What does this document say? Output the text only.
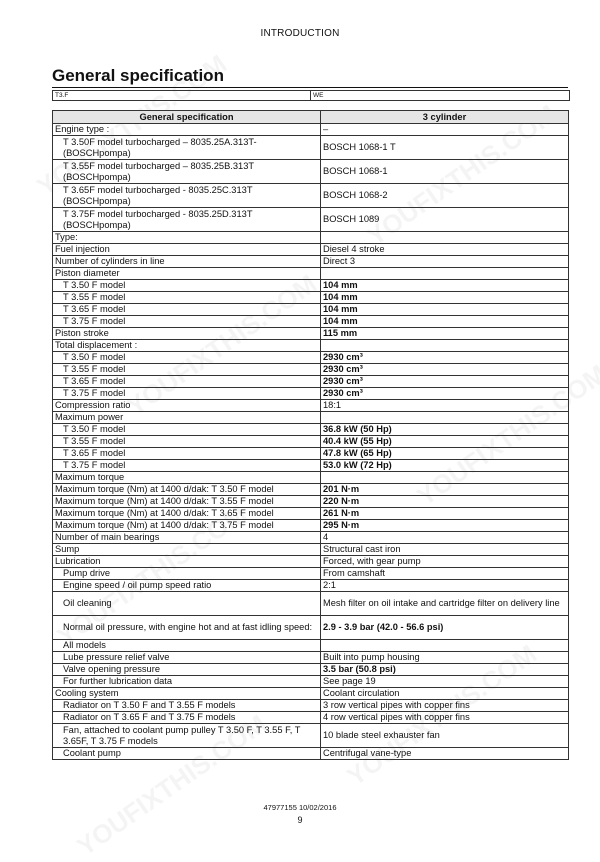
INTRODUCTION
General specification
T3.F	WE
General specification	3 cylinder
Engine type :	–
T 3.50F model turbocharged – 8035.25A.313T-(BOSCHpompa)	BOSCH 1068-1 T
T 3.55F model turbocharged – 8035.25B.313T (BOSCHpompa)	BOSCH 1068-1
T 3.65F model turbocharged - 8035.25C.313T (BOSCHpompa)	BOSCH 1068-2
T 3.75F model turbocharged - 8035.25D.313T (BOSCHpompa)	BOSCH 1089
Type:	
Fuel injection	Diesel 4 stroke
Number of cylinders in line	Direct 3
Piston diameter	
T 3.50 F model	104 mm
T 3.55 F model	104 mm
T 3.65 F model	104 mm
T 3.75 F model	104 mm
Piston stroke	115 mm
Total displacement :	
T 3.50 F model	2930 cm³
T 3.55 F model	2930 cm³
T 3.65 F model	2930 cm³
T 3.75 F model	2930 cm³
Compression ratio	18:1
Maximum power	
T 3.50 F model	36.8 kW (50 Hp)
T 3.55 F model	40.4 kW (55 Hp)
T 3.65 F model	47.8 kW (65 Hp)
T 3.75 F model	53.0 kW (72 Hp)
Maximum torque	
Maximum torque (Nm) at 1400 d/dak: T 3.50 F model	201 N·m
Maximum torque (Nm) at 1400 d/dak: T 3.55 F model	220 N·m
Maximum torque (Nm) at 1400 d/dak: T 3.65 F model	261 N·m
Maximum torque (Nm) at 1400 d/dak: T 3.75 F model	295 N·m
Number of main bearings	4
Sump	Structural cast iron
Lubrication	Forced, with gear pump
Pump drive	From camshaft
Engine speed / oil pump speed ratio	2:1
Oil cleaning	Mesh filter on oil intake and cartridge filter on delivery line
Normal oil pressure, with engine hot and at fast idling speed:	2.9 - 3.9 bar (42.0 - 56.6 psi)
All models	
Lube pressure relief valve	Built into pump housing
Valve opening pressure	3.5 bar (50.8 psi)
For further lubrication data	See page 19
Cooling system	Coolant circulation
Radiator on T 3.50 F and T 3.55 F models	3 row vertical pipes with copper fins
Radiator on T 3.65 F and T 3.75 F models	4 row vertical pipes with copper fins
Fan, attached to coolant pump pulley T 3.50 F, T 3.55 F, T 3.65F, T 3.75 F models	10 blade steel exhauster fan
Coolant pump	Centrifugal vane-type
47977155 10/02/2016
9
